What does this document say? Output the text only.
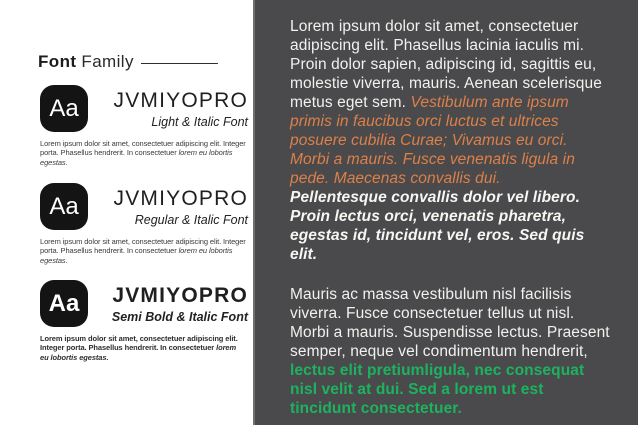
Font Family
Aa	JVMIYOPRO
Light & Italic Font

Lorem ipsum dolor sit amet, consectetuer adipiscing elit. Integer porta. Phasellus hendrerit. In consectetuer lorem eu lobortis egestas.

Aa	JVMIYOPRO
Regular & Italic Font

Lorem ipsum dolor sit amet, consectetuer adipiscing elit. Integer porta. Phasellus hendrerit. In consectetuer lorem eu lobortis egestas.

Aa	JVMIYOPRO
Semi Bold & Italic Font

Lorem ipsum dolor sit amet, consectetuer adipiscing elit. Integer porta. Phasellus hendrerit. In consectetuer lorem eu lobortis egestas.

Lorem ipsum dolor sit amet, consectetuer adipiscing elit. Phasellus lacinia iaculis mi. Proin dolor sapien, adipiscing id, sagittis eu, molestie viverra, mauris. Aenean scelerisque metus eget sem. Vestibulum ante ipsum primis in faucibus orci luctus et ultrices posuere cubilia Curae; Vivamus eu orci. Morbi a mauris. Fusce venenatis ligula in pede. Maecenas convallis dui.
Pellentesque convallis dolor vel libero. Proin lectus orci, venenatis pharetra, egestas id, tincidunt vel, eros. Sed quis elit.

Mauris ac massa vestibulum nisl facilisis viverra. Fusce consectetuer tellus ut nisl. Morbi a mauris. Suspendisse lectus. Praesent semper, neque vel condimentum hendrerit, lectus elit pretiumligula, nec consequat nisl velit at dui. Sed a lorem ut est tincidunt consectetuer.
